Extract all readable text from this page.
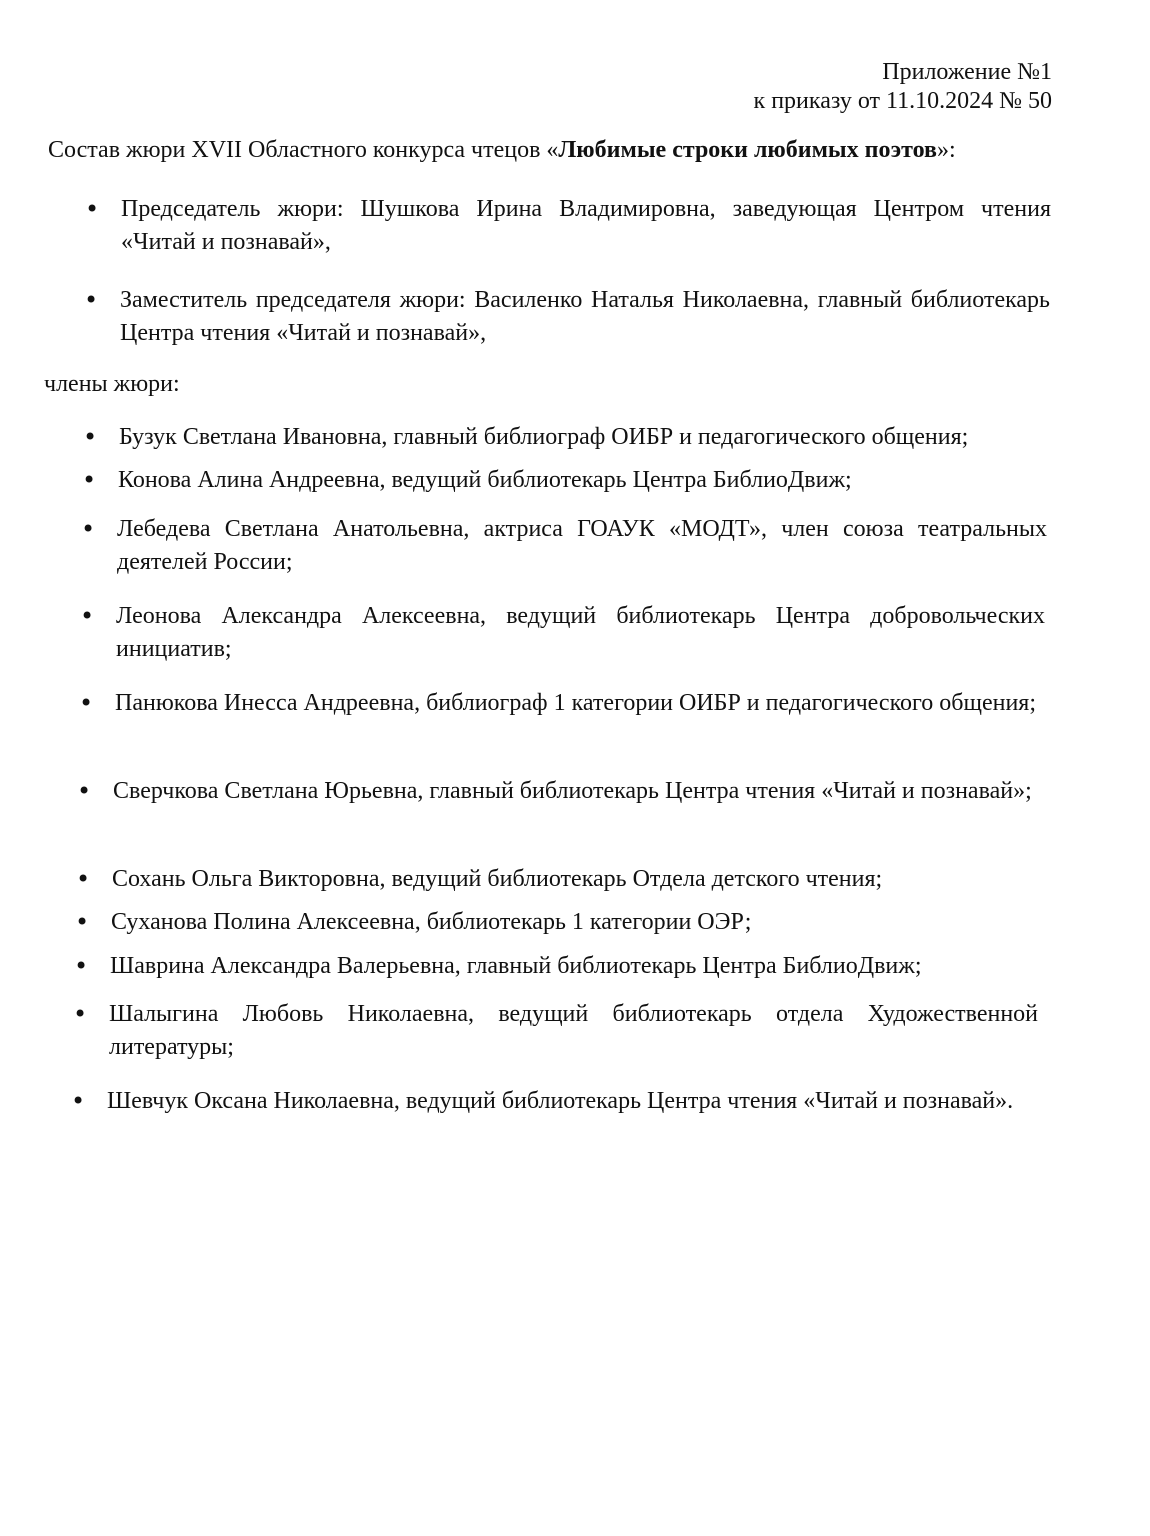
Приложение №1
к приказу от 11.10.2024 № 50
Состав жюри XVII Областного конкурса чтецов «Любимые строки любимых поэтов»:
• Председатель жюри: Шушкова Ирина Владимировна, заведующая Центром чтения «Читай и познавай»,
• Заместитель председателя жюри: Василенко Наталья Николаевна, главный библиотекарь Центра чтения «Читай и познавай»,
члены жюри:
• Бузук Светлана Ивановна, главный библиограф ОИБР и педагогического общения;
• Конова Алина Андреевна, ведущий библиотекарь Центра БиблиоДвиж;
• Лебедева Светлана Анатольевна, актриса ГОАУК «МОДТ», член союза театральных деятелей России;
• Леонова Александра Алексеевна, ведущий библиотекарь Центра добровольческих инициатив;
• Панюкова Инесса Андреевна, библиограф 1 категории ОИБР и педагогического общения;
• Сверчкова Светлана Юрьевна, главный библиотекарь Центра чтения «Читай и познавай»;
• Сохань Ольга Викторовна, ведущий библиотекарь Отдела детского чтения;
• Суханова Полина Алексеевна, библиотекарь 1 категории ОЭР;
• Шаврина Александра Валерьевна, главный библиотекарь Центра БиблиоДвиж;
• Шалыгина Любовь Николаевна, ведущий библиотекарь отдела Художественной литературы;
• Шевчук Оксана Николаевна, ведущий библиотекарь Центра чтения «Читай и познавай».
